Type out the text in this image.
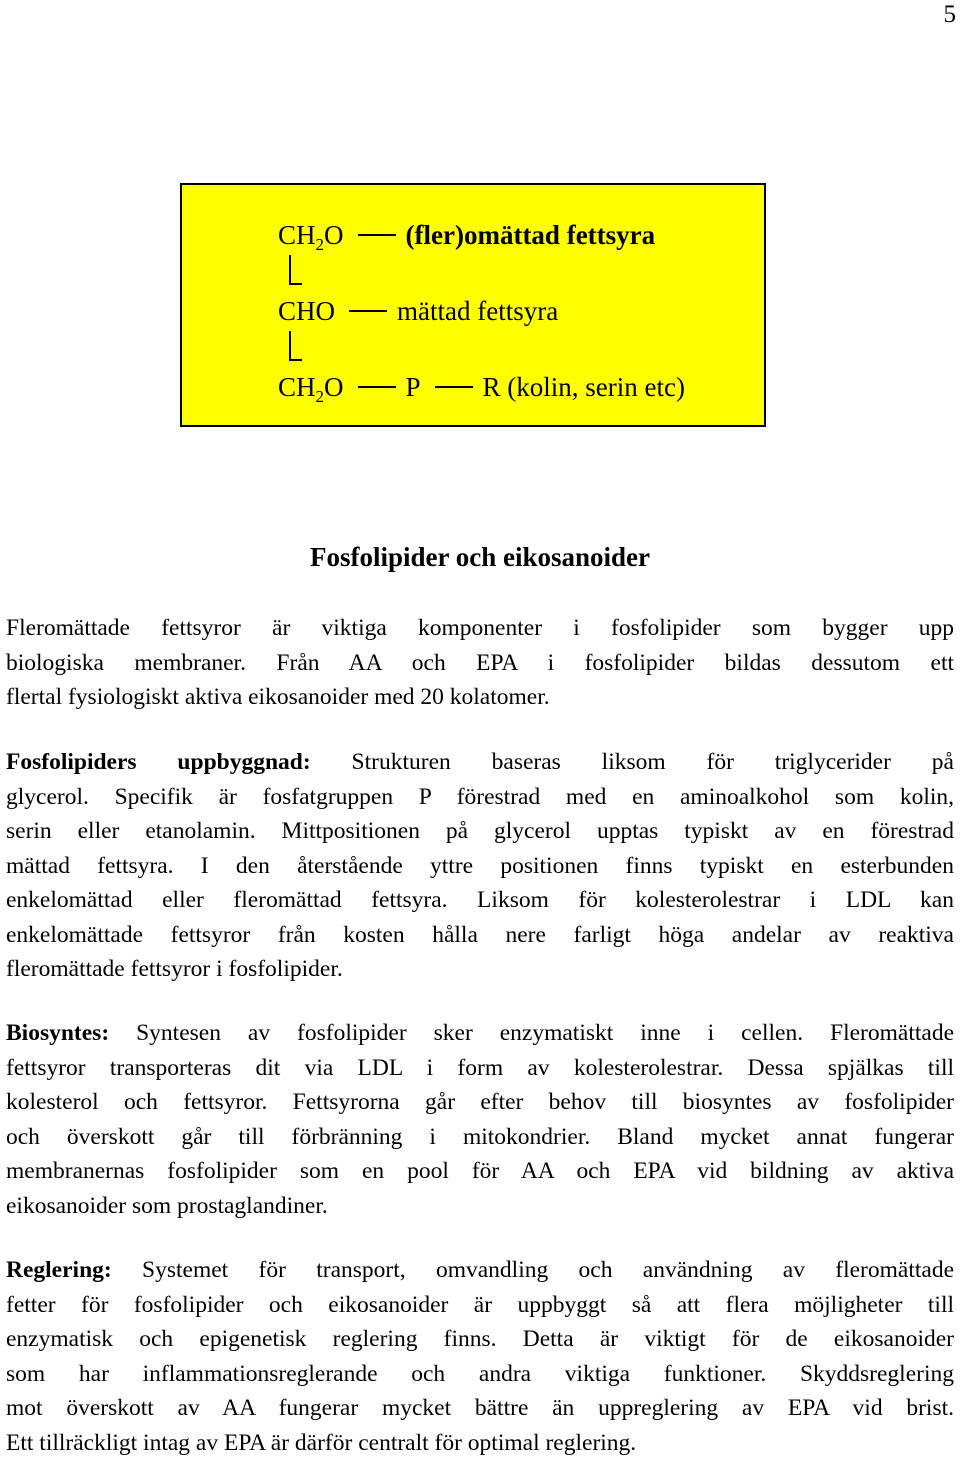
5
$CH_2O$ (fler)omättad fettsyra
CHO mättad fettsyra
$CH_2O$ P R (kolin, serin etc)
Fosfolipider och eikosanoider
Fleromättade fettsyror är viktiga komponenter i fosfolipider som bygger upp
biologiska membraner. Från AA och EPA i fosfolipider bildas dessutom ett
flertal fysiologiskt aktiva eikosanoider med 20 kolatomer.
Fosfolipiders uppbyggnad: Strukturen baseras liksom för triglycerider på
glycerol. Specifik är fosfatgruppen P förestrad med en aminoalkohol som kolin,
serin eller etanolamin. Mittpositionen på glycerol upptas typiskt av en förestrad
mättad fettsyra. I den återstående yttre positionen finns typiskt en esterbunden
enkelomättad eller fleromättad fettsyra. Liksom för kolesterolestrar i LDL kan
enkelomättade fettsyror från kosten hålla nere farligt höga andelar av reaktiva
fleromättade fettsyror i fosfolipider.
Biosyntes: Syntesen av fosfolipider sker enzymatiskt inne i cellen. Fleromättade
fettsyror transporteras dit via LDL i form av kolesterolestrar. Dessa spjälkas till
kolesterol och fettsyror. Fettsyrorna går efter behov till biosyntes av fosfolipider
och överskott går till förbränning i mitokondrier. Bland mycket annat fungerar
membranernas fosfolipider som en pool för AA och EPA vid bildning av aktiva
eikosanoider som prostaglandiner.
Reglering: Systemet för transport, omvandling och användning av fleromättade
fetter för fosfolipider och eikosanoider är uppbyggt så att flera möjligheter till
enzymatisk och epigenetisk reglering finns. Detta är viktigt för de eikosanoider
som har inflammationsreglerande och andra viktiga funktioner. Skyddsreglering
mot överskott av AA fungerar mycket bättre än uppreglering av EPA vid brist.
Ett tillräckligt intag av EPA är därför centralt för optimal reglering.
